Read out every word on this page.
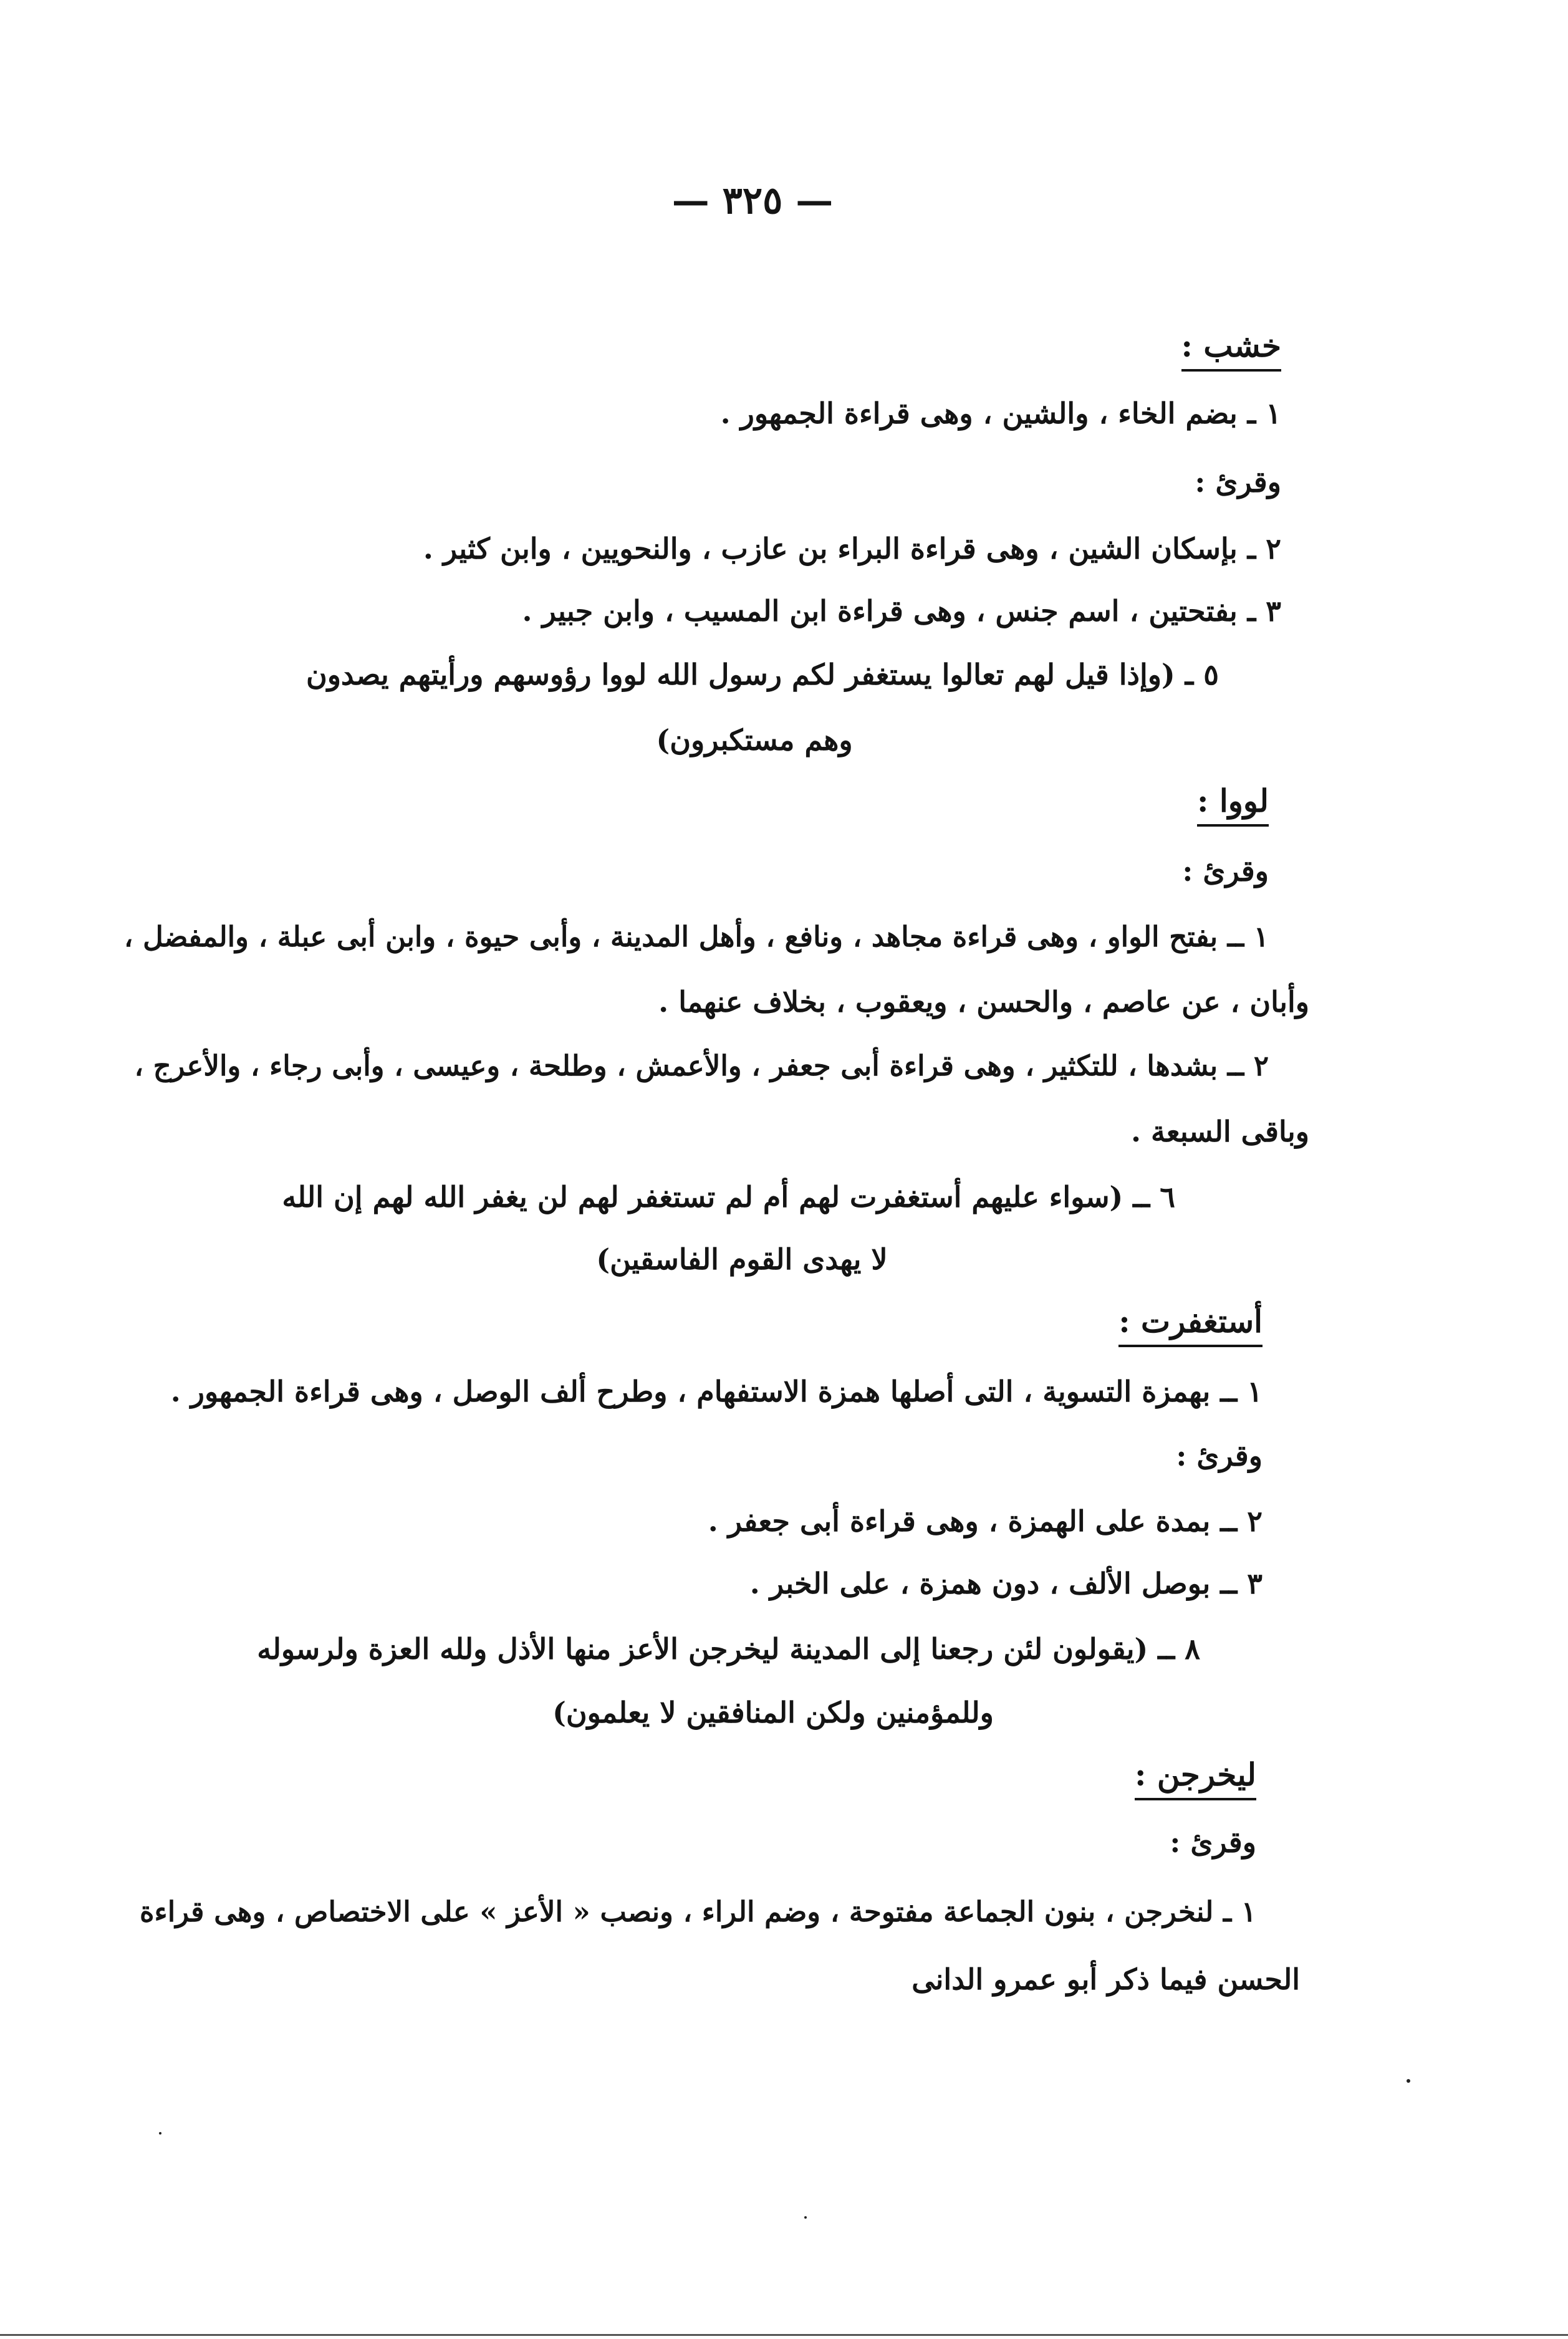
— ٣٢٥ —
خشب :
١ ـ بضم الخاء ، والشين ، وهى قراءة الجمهور .
وقرئ :
٢ ـ بإسكان الشين ، وهى قراءة البراء بن عازب ، والنحويين ، وابن كثير .
٣ ـ بفتحتين ، اسم جنس ، وهى قراءة ابن المسيب ، وابن جبير .
٥ ـ (وإذا قيل لهم تعالوا يستغفر لكم رسول الله لووا رؤوسهم ورأيتهم يصدون
وهم مستكبرون)
لووا :
وقرئ :
١ ــ بفتح الواو ، وهى قراءة مجاهد ، ونافع ، وأهل المدينة ، وأبى حيوة ، وابن أبى عبلة ، والمفضل ،
وأبان ، عن عاصم ، والحسن ، ويعقوب ، بخلاف عنهما .
٢ ــ بشدها ، للتكثير ، وهى قراءة أبى جعفر ، والأعمش ، وطلحة ، وعيسى ، وأبى رجاء ، والأعرج ،
وباقى السبعة .
٦ ــ (سواء عليهم أستغفرت لهم أم لم تستغفر لهم لن يغفر الله لهم إن الله
لا يهدى القوم الفاسقين)
أستغفرت :
١ ــ بهمزة التسوية ، التى أصلها همزة الاستفهام ، وطرح ألف الوصل ، وهى قراءة الجمهور .
وقرئ :
٢ ــ بمدة على الهمزة ، وهى قراءة أبى جعفر .
٣ ــ بوصل الألف ، دون همزة ، على الخبر .
٨ ــ (يقولون لئن رجعنا إلى المدينة ليخرجن الأعز منها الأذل ولله العزة ولرسوله
وللمؤمنين ولكن المنافقين لا يعلمون)
ليخرجن :
وقرئ :
١ ـ لنخرجن ، بنون الجماعة مفتوحة ، وضم الراء ، ونصب « الأعز » على الاختصاص ، وهى قراءة
الحسن فيما ذكر أبو عمرو الدانى
